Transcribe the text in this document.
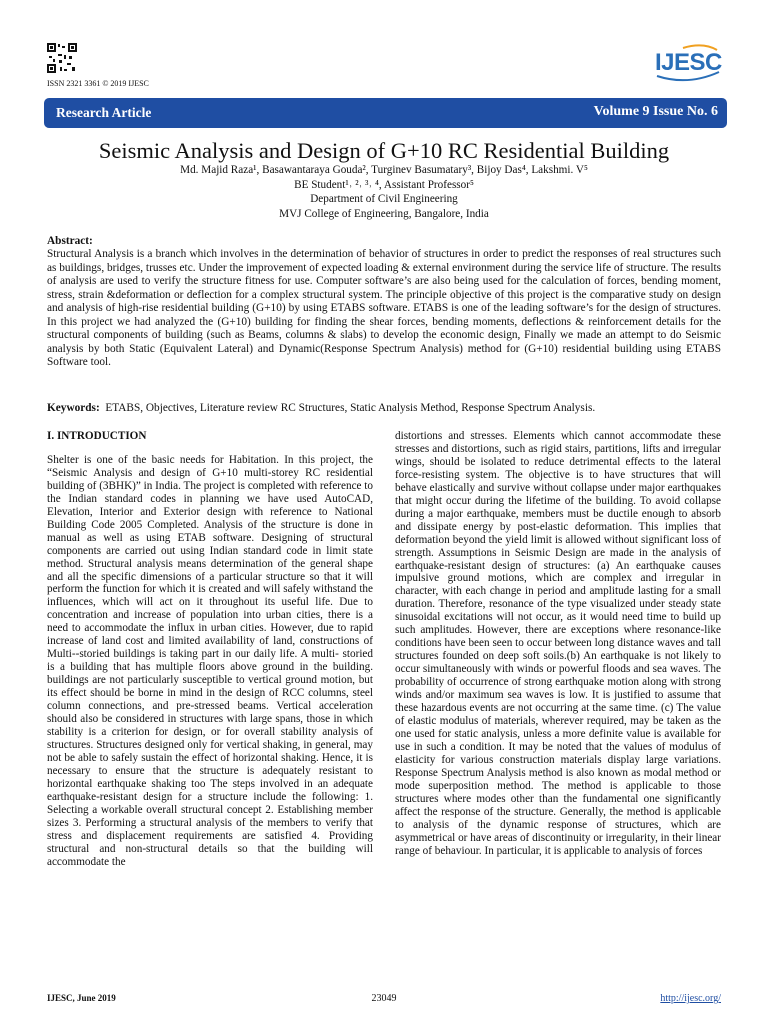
ISSN 2321 3361 © 2019 IJESC
IJESC
Research Article	Volume 9 Issue No. 6
Seismic Analysis and Design of G+10 RC Residential Building
Md. Majid Raza¹, Basawantaraya Gouda², Turginev Basumatary³, Bijoy Das⁴, Lakshmi. V⁵
BE Student¹˒ ²˒ ³˒ ⁴, Assistant Professor⁵
Department of Civil Engineering
MVJ College of Engineering, Bangalore, India
Abstract:

Structural Analysis is a branch which involves in the determination of behavior of structures in order to predict the responses of real structures such as buildings, bridges, trusses etc. Under the improvement of expected loading & external environment during the service life of structure. The results of analysis are used to verify the structure fitness for use. Computer software’s are also being used for the calculation of forces, bending moment, stress, strain &deformation or deflection for a complex structural system. The principle objective of this project is the comparative study on design and analysis of high-rise residential building (G+10) by using ETABS software. ETABS is one of the leading software’s for the design of structures. In this project we had analyzed the (G+10) building for finding the shear forces, bending moments, deflections & reinforcement details for the structural components of building (such as Beams, columns & slabs) to develop the economic design, Finally we made an attempt to do Seismic analysis by both Static (Equivalent Lateral) and Dynamic(Response Spectrum Analysis) method for (G+10) residential building using ETABS Software tool.

Keywords: ETABS, Objectives, Literature review RC Structures, Static Analysis Method, Response Spectrum Analysis.
I. INTRODUCTION

Shelter is one of the basic needs for Habitation. In this project, the “Seismic Analysis and design of G+10 multi-storey RC residential building of (3BHK)” in India. The project is completed with reference to the Indian standard codes in planning we have used AutoCAD, Elevation, Interior and Exterior design with reference to National Building Code 2005 Completed. Analysis of the structure is done in manual as well as using ETAB software. Designing of structural components are carried out using Indian standard code in limit state method. Structural analysis means determination of the general shape and all the specific dimensions of a particular structure so that it will perform the function for which it is created and will safely withstand the influences, which will act on it throughout its useful life. Due to concentration and increase of population into urban cities, there is a need to accommodate the influx in urban cities. However, due to rapid increase of land cost and limited availability of land, constructions of Multi--storied buildings is taking part in our daily life. A multi- storied is a building that has multiple floors above ground in the building. buildings are not particularly susceptible to vertical ground motion, but its effect should be borne in mind in the design of RCC columns, steel column connections, and pre-stressed beams. Vertical acceleration should also be considered in structures with large spans, those in which stability is a criterion for design, or for overall stability analysis of structures. Structures designed only for vertical shaking, in general, may not be able to safely sustain the effect of horizontal shaking. Hence, it is necessary to ensure that the structure is adequately resistant to horizontal earthquake shaking too The steps involved in an adequate earthquake-resistant design for a structure include the following: 1. Selecting a workable overall structural concept 2. Establishing member sizes 3. Performing a structural analysis of the members to verify that stress and displacement requirements are satisfied 4. Providing structural and non-structural details so that the building will accommodate the

distortions and stresses. Elements which cannot accommodate these stresses and distortions, such as rigid stairs, partitions, lifts and irregular wings, should be isolated to reduce detrimental effects to the lateral force-resisting system. The objective is to have structures that will behave elastically and survive without collapse under major earthquakes that might occur during the lifetime of the building. To avoid collapse during a major earthquake, members must be ductile enough to absorb and dissipate energy by post-elastic deformation. This implies that deformation beyond the yield limit is allowed without significant loss of strength. Assumptions in Seismic Design are made in the analysis of earthquake-resistant design of structures: (a) An earthquake causes impulsive ground motions, which are complex and irregular in character, with each change in period and amplitude lasting for a small duration. Therefore, resonance of the type visualized under steady state sinusoidal excitations will not occur, as it would need time to build up such amplitudes. However, there are exceptions where resonance-like conditions have been seen to occur between long distance waves and tall structures founded on deep soft soils.(b) An earthquake is not likely to occur simultaneously with winds or powerful floods and sea waves. The probability of occurrence of strong earthquake motion along with strong winds and/or maximum sea waves is low. It is justified to assume that these hazardous events are not occurring at the same time. (c) The value of elastic modulus of materials, wherever required, may be taken as the one used for static analysis, unless a more definite value is available for use in such a condition. It may be noted that the values of modulus of elasticity for various construction materials display large variations. Response Spectrum Analysis method is also known as modal method or mode superposition method. The method is applicable to those structures where modes other than the fundamental one significantly affect the response of the structure. Generally, the method is applicable to analysis of the dynamic response of structures, which are asymmetrical or have areas of discontinuity or irregularity, in their linear range of behaviour. In particular, it is applicable to analysis of forces

IJESC, June 2019	23049	http://ijesc.org/
